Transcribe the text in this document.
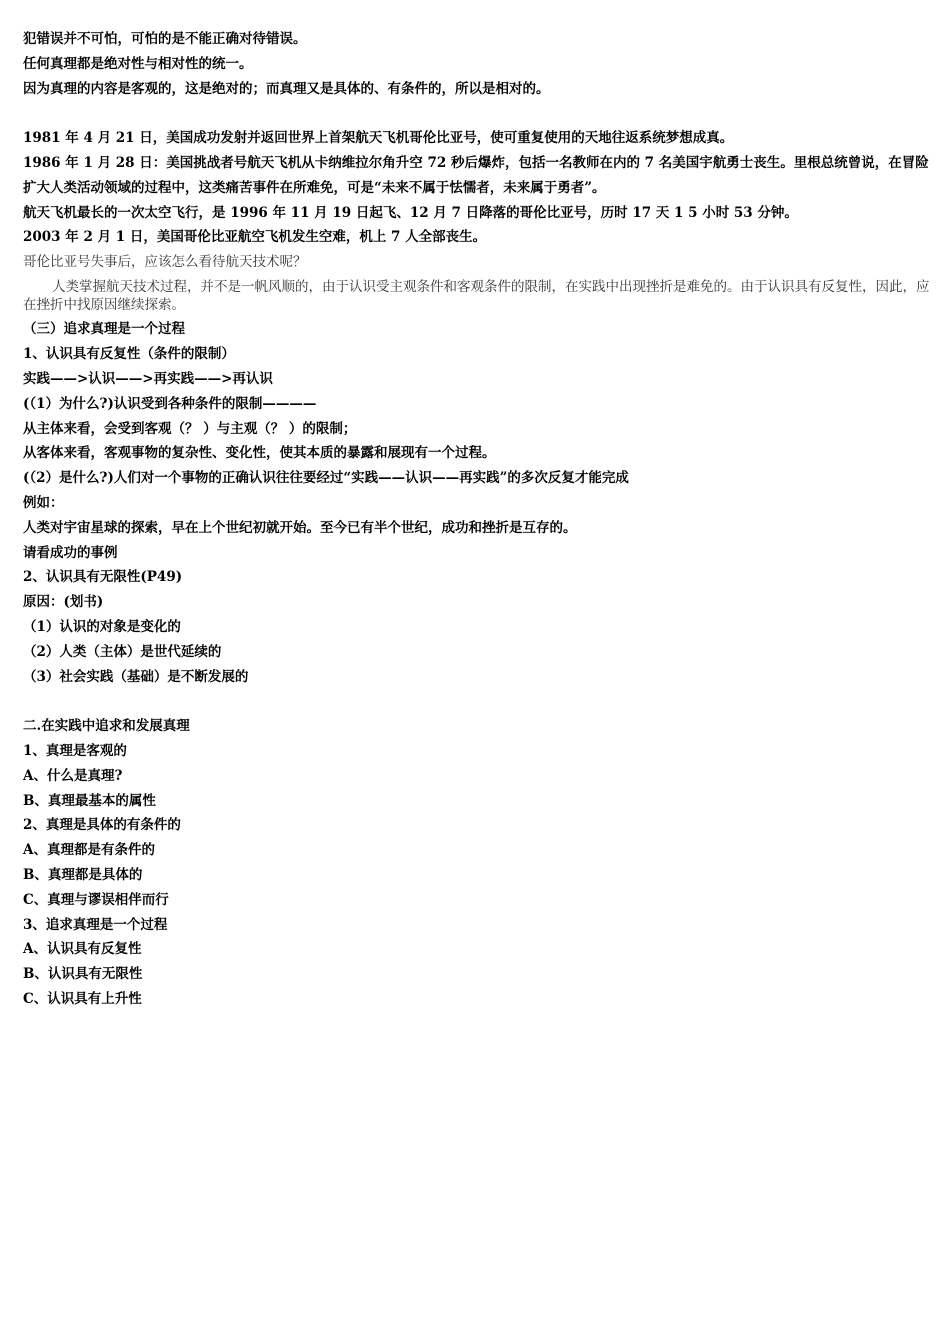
犯错误并不可怕，可怕的是不能正确对待错误。
任何真理都是绝对性与相对性的统一。
因为真理的内容是客观的，这是绝对的；而真理又是具体的、有条件的，所以是相对的。
1981 年 4 月 21 日，美国成功发射并返回世界上首架航天飞机哥伦比亚号，使可重复使用的天地往返系统梦想成真。
1986 年 1 月 28 日：美国挑战者号航天飞机从卡纳维拉尔角升空 72 秒后爆炸，包括一名教师在内的 7 名美国宇航勇士丧生。里根总统曾说，在冒险扩大人类活动领域的过程中，这类痛苦事件在所难免，可是“未来不属于怯懦者，未来属于勇者”。
航天飞机最长的一次太空飞行，是 1996 年 11 月 19 日起飞、12 月 7 日降落的哥伦比亚号，历时 17 天 1 5 小时 53 分钟。
2003 年 2 月 1 日，美国哥伦比亚航空飞机发生空难，机上 7 人全部丧生。
哥伦比亚号失事后，应该怎么看待航天技术呢？
人类掌握航天技术过程，并不是一帆风顺的，由于认识受主观条件和客观条件的限制，在实践中出现挫折是难免的。由于认识具有反复性，因此，应在挫折中找原因继续探索。
（三）追求真理是一个过程
1、认识具有反复性（条件的限制）
实践——>认识——>再实践——>再认识
(（1）为什么?)认识受到各种条件的限制————
从主体来看，会受到客观（？ ）与主观（？ ）的限制；
从客体来看，客观事物的复杂性、变化性，使其本质的暴露和展现有一个过程。
(（2）是什么?)人们对一个事物的正确认识往往要经过“实践——认识——再实践”的多次反复才能完成
例如：
人类对宇宙星球的探索，早在上个世纪初就开始。至今已有半个世纪，成功和挫折是互存的。
请看成功的事例
2、认识具有无限性(P49)
原因：(划书)
（1）认识的对象是变化的
（2）人类（主体）是世代延续的
（3）社会实践（基础）是不断发展的
二.在实践中追求和发展真理
1、真理是客观的
A、什么是真理?
B、真理最基本的属性
2、真理是具体的有条件的
A、真理都是有条件的
B、真理都是具体的
C、真理与谬误相伴而行
3、追求真理是一个过程
A、认识具有反复性
B、认识具有无限性
C、认识具有上升性
